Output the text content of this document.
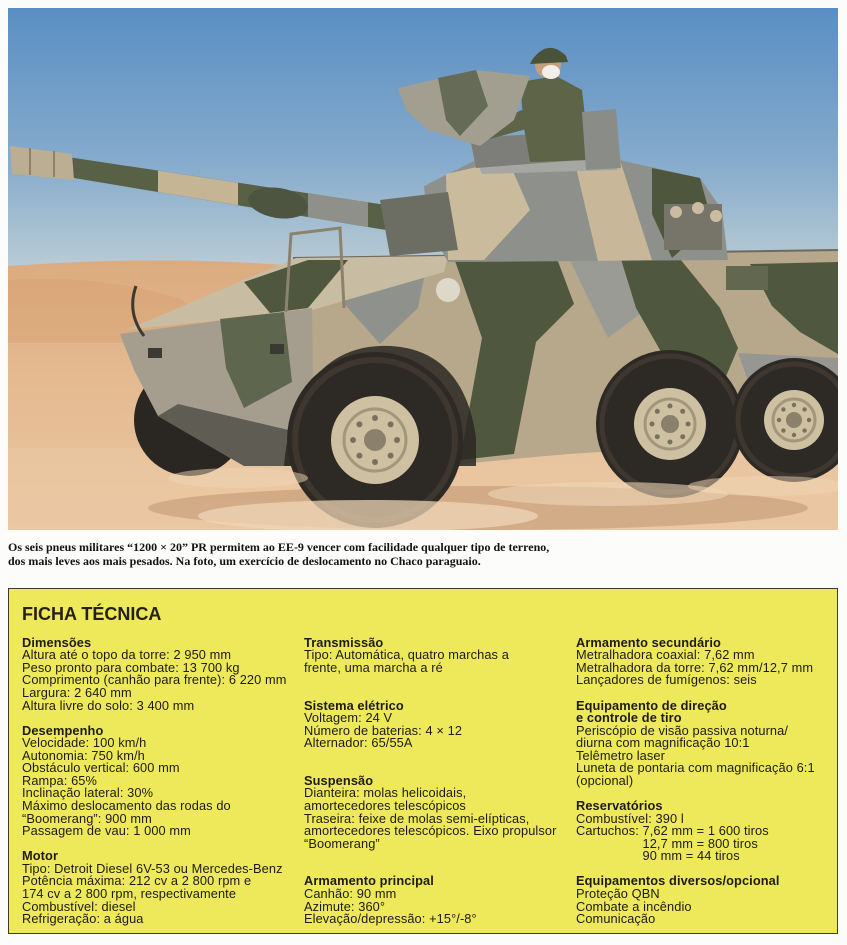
Os seis pneus militares “1200 × 20” PR permitem ao EE-9 vencer com facilidade qualquer tipo de terreno,
dos mais leves aos mais pesados. Na foto, um exercício de deslocamento no Chaco paraguaio.
FICHA TÉCNICA
Dimensões
Altura até o topo da torre: 2 950 mm
Peso pronto para combate: 13 700 kg
Comprimento (canhão para frente): 6 220 mm
Largura: 2 640 mm
Altura livre do solo: 3 400 mm
Desempenho
Velocidade: 100 km/h
Autonomia: 750 km/h
Obstáculo vertical: 600 mm
Rampa: 65%
Inclinação lateral: 30%
Máximo deslocamento das rodas do
“Boomerang”: 900 mm
Passagem de vau: 1 000 mm
Motor
Tipo: Detroit Diesel 6V-53 ou Mercedes-Benz
Potência máxima: 212 cv a 2 800 rpm e
174 cv a 2 800 rpm, respectivamente
Combustível: diesel
Refrigeração: a água
Transmissão
Tipo: Automática, quatro marchas a
frente, uma marcha a ré
Sistema elétrico
Voltagem: 24 V
Número de baterias: 4 × 12
Alternador: 65/55A
Suspensão
Dianteira: molas helicoidais,
amortecedores telescópicos
Traseira: feixe de molas semi-elípticas,
amortecedores telescópicos. Eixo propulsor
“Boomerang”
Armamento principal
Canhão: 90 mm
Azimute: 360°
Elevação/depressão: +15°/-8°
Armamento secundário
Metralhadora coaxial: 7,62 mm
Metralhadora da torre: 7,62 mm/12,7 mm
Lançadores de fumígenos: seis
Equipamento de direção
e controle de tiro
Periscópio de visão passiva noturna/
diurna com magnificação 10:1
Telêmetro laser
Luneta de pontaria com magnificação 6:1
(opcional)
Reservatórios
Combustível: 390 l
Cartuchos: 7,62 mm = 1 600 tiros
12,7 mm = 800 tiros
90 mm = 44 tiros
Equipamentos diversos/opcional
Proteção QBN
Combate a incêndio
Comunicação
